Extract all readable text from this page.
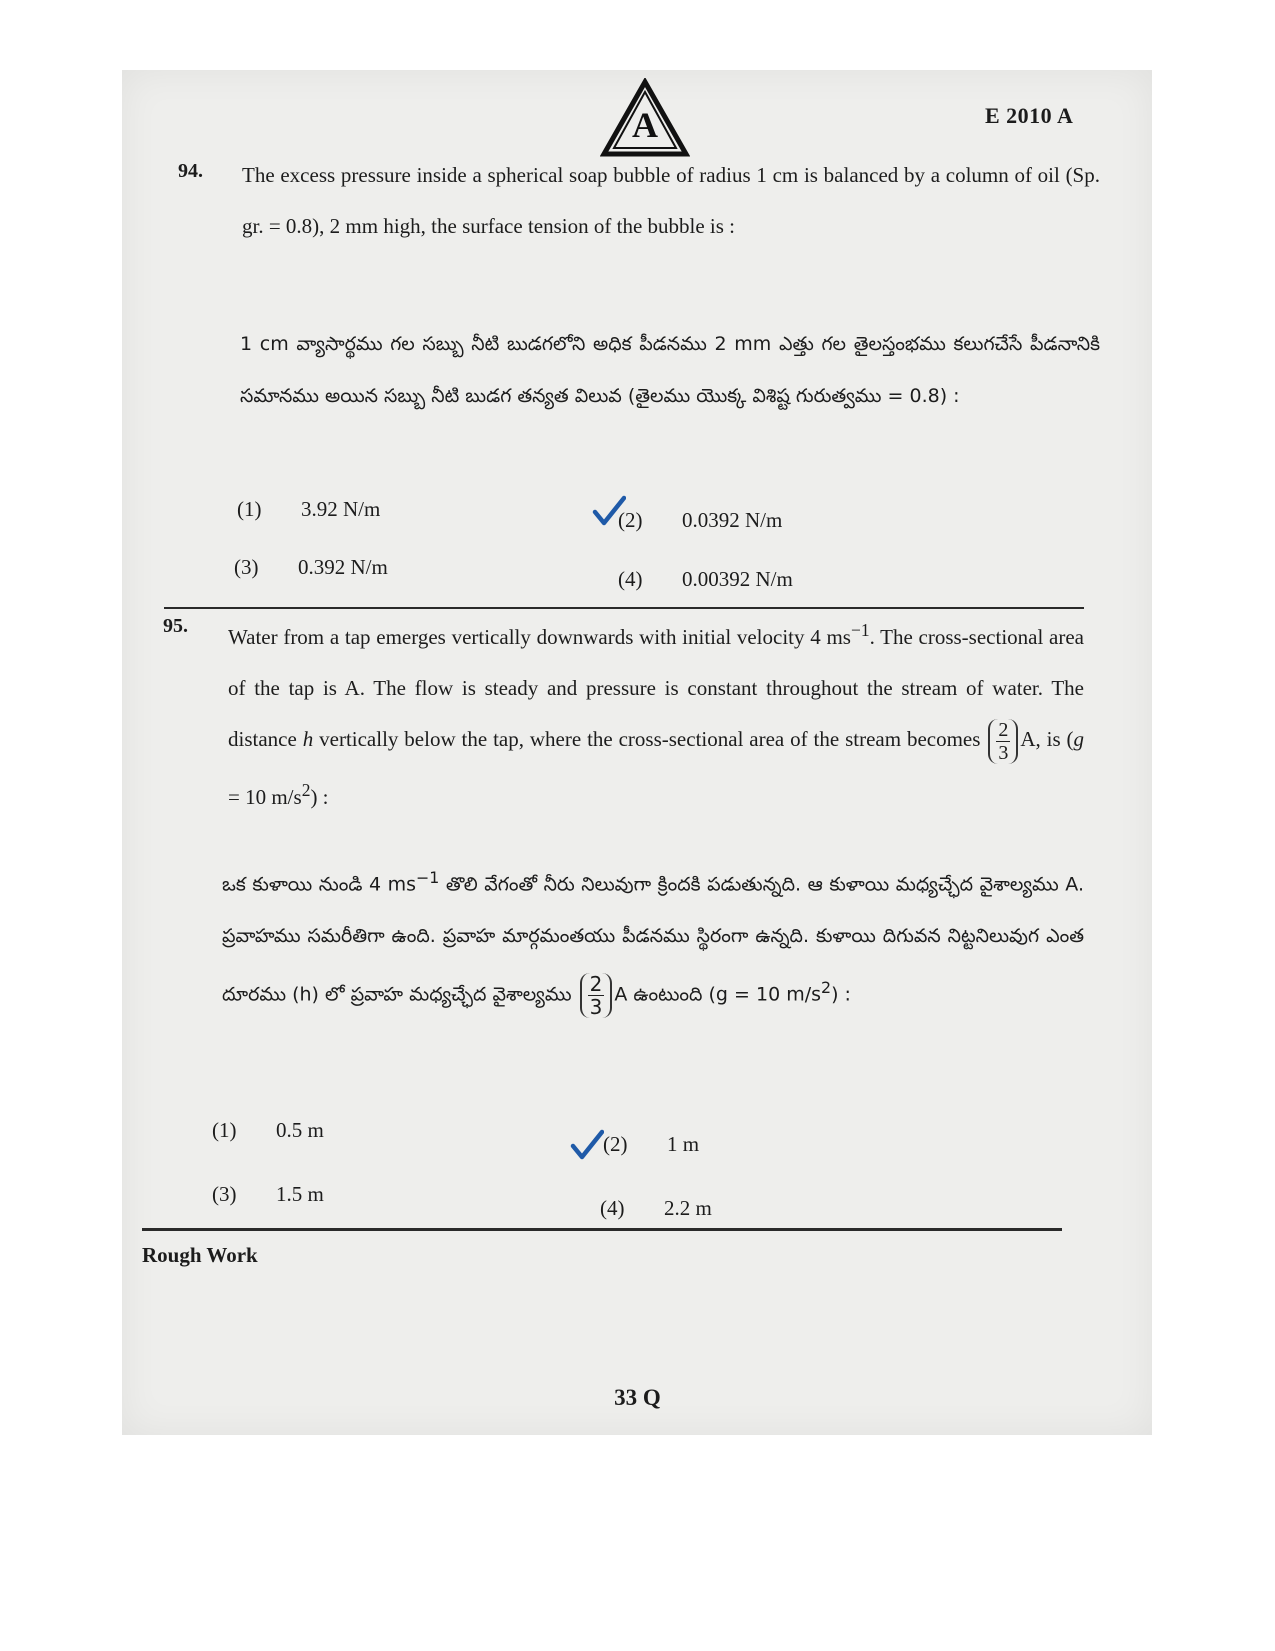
A	E 2010 A
94. The excess pressure inside a spherical soap bubble of radius 1 cm is balanced by a column of oil (Sp. gr. = 0.8), 2 mm high, the surface tension of the bubble is :
1 cm వ్యాసార్థము గల సబ్బు నీటి బుడగలోని అధిక పీడనము 2 mm ఎత్తు గల తైలస్తంభము కలుగచేసే పీడనానికి సమానము అయిన సబ్బు నీటి బుడగ తన్యత విలువ (తైలము యొక్క విశిష్ట గురుత్వము = 0.8) :
(1)	3.92 N/m	(2)	0.0392 N/m
(3)	0.392 N/m	(4)	0.00392 N/m
95. Water from a tap emerges vertically downwards with initial velocity 4 $ms^{-1}$. The cross-sectional area of the tap is A. The flow is steady and pressure is constant throughout the stream of water. The distance h vertically below the tap, where the cross-sectional area of the stream becomes $\frac{2}{3} A$, is (g = 10 $m/s^2$) :
ఒక కుళాయి నుండి 4 $ms^{-1}$ తొలి వేగంతో నీరు నిలువుగా క్రిందకి పడుతున్నది. ఆ కుళాయి మధ్యచ్ఛేద వైశాల్యము A. ప్రవాహము సమరీతిగా ఉంది. ప్రవాహ మార్గమంతయు పీడనము స్థిరంగా ఉన్నది. కుళాయి దిగువన నిట్టనిలువుగ ఎంత దూరము (h) లో ప్రవాహ మధ్యచ్ఛేద వైశాల్యము $\frac{2}{3}$ A ఉంటుంది (g = 10 $m/s^2$) :
(1)	0.5 m
(2)	1 m
(3)	1.5 m
(4)	2.2 m
Rough Work
33 Q
